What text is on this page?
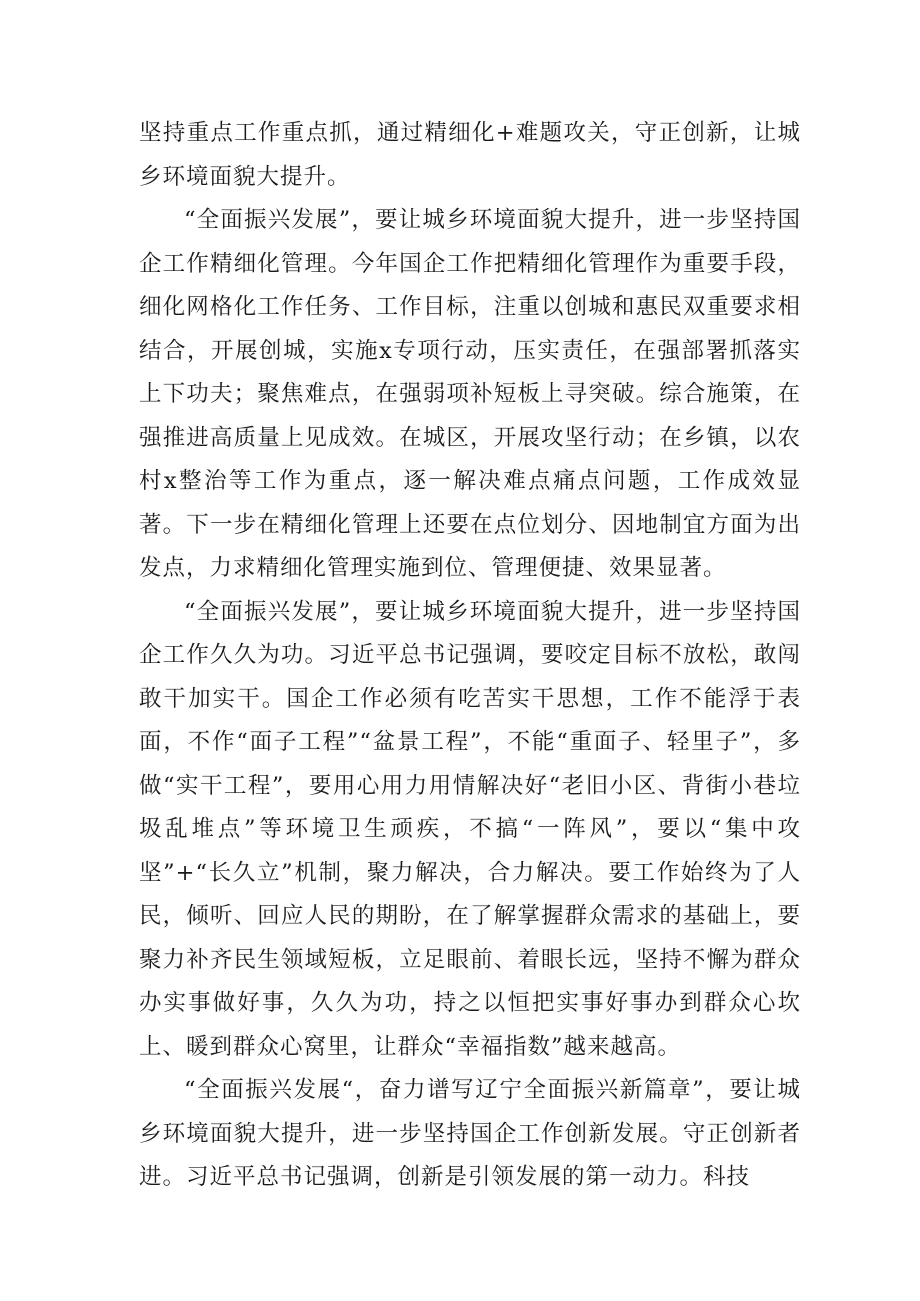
坚持重点工作重点抓，通过精细化+难题攻关，守正创新，让城乡环境面貌大提升。

“全面振兴发展”，要让城乡环境面貌大提升，进一步坚持国企工作精细化管理。今年国企工作把精细化管理作为重要手段，细化网格化工作任务、工作目标，注重以创城和惠民双重要求相结合，开展创城，实施x专项行动，压实责任，在强部署抓落实上下功夫；聚焦难点，在强弱项补短板上寻突破。综合施策，在强推进高质量上见成效。在城区，开展攻坚行动；在乡镇，以农村x整治等工作为重点，逐一解决难点痛点问题，工作成效显著。下一步在精细化管理上还要在点位划分、因地制宜方面为出发点，力求精细化管理实施到位、管理便捷、效果显著。

“全面振兴发展”，要让城乡环境面貌大提升，进一步坚持国企工作久久为功。习近平总书记强调，要咬定目标不放松，敢闯敢干加实干。国企工作必须有吃苦实干思想，工作不能浮于表面，不作“面子工程”“盆景工程”，不能“重面子、轻里子”，多做“实干工程”，要用心用力用情解决好“老旧小区、背街小巷垃圾乱堆点”等环境卫生顽疾，不搞“一阵风”，要以“集中攻坚”+“长久立”机制，聚力解决，合力解决。要工作始终为了人民，倾听、回应人民的期盼，在了解掌握群众需求的基础上，要聚力补齐民生领域短板，立足眼前、着眼长远，坚持不懈为群众办实事做好事，久久为功，持之以恒把实事好事办到群众心坎上、暖到群众心窝里，让群众“幸福指数”越来越高。

“全面振兴发展“，奋力谱写辽宁全面振兴新篇章”，要让城乡环境面貌大提升，进一步坚持国企工作创新发展。守正创新者进。习近平总书记强调，创新是引领发展的第一动力。科技
